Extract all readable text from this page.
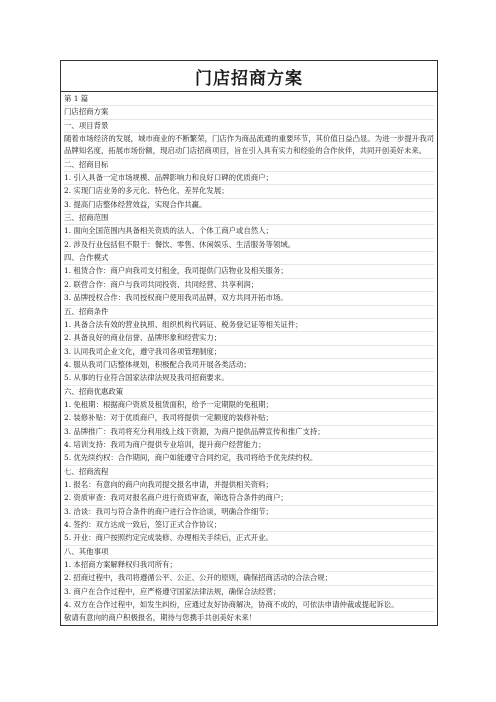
门店招商方案
第 1 篇
门店招商方案
一、项目背景
随着市场经济的发展，城市商业的不断繁荣，门店作为商品流通的重要环节，其价值日益凸显。为进一步提升我司品牌知名度，拓展市场份额，现启动门店招商项目，旨在引入具有实力和经验的合作伙伴，共同开创美好未来。
二、招商目标
1. 引入具备一定市场规模、品牌影响力和良好口碑的优质商户；
2. 实现门店业务的多元化、特色化、差异化发展；
3. 提高门店整体经营效益，实现合作共赢。
三、招商范围
1. 面向全国范围内具备相关资质的法人、个体工商户或自然人；
2. 涉及行业包括但不限于：餐饮、零售、休闲娱乐、生活服务等领域。
四、合作模式
1. 租赁合作：商户向我司支付租金，我司提供门店物业及相关服务；
2. 联营合作：商户与我司共同投资、共同经营、共享利润；
3. 品牌授权合作：我司授权商户使用我司品牌，双方共同开拓市场。
五、招商条件
1. 具备合法有效的营业执照、组织机构代码证、税务登记证等相关证件；
2. 具备良好的商业信誉、品牌形象和经营实力；
3. 认同我司企业文化，遵守我司各项管理制度；
4. 服从我司门店整体规划，积极配合我司开展各类活动；
5. 从事的行业符合国家法律法规及我司招商要求。
六、招商优惠政策
1. 免租期：根据商户资质及租赁面积，给予一定期限的免租期；
2. 装修补贴：对于优质商户，我司将提供一定额度的装修补贴；
3. 品牌推广：我司将充分利用线上线下资源，为商户提供品牌宣传和推广支持；
4. 培训支持：我司为商户提供专业培训，提升商户经营能力；
5. 优先续约权：合作期间，商户如能遵守合同约定，我司将给予优先续约权。
七、招商流程
1. 报名：有意向的商户向我司提交报名申请，并提供相关资料；
2. 资质审查：我司对报名商户进行资质审查，筛选符合条件的商户；
3. 洽谈：我司与符合条件的商户进行合作洽谈，明确合作细节；
4. 签约：双方达成一致后，签订正式合作协议；
5. 开业：商户按照约定完成装修、办理相关手续后，正式开业。
八、其他事项
1. 本招商方案解释权归我司所有；
2. 招商过程中，我司将遵循公平、公正、公开的原则，确保招商活动的合法合规；
3. 商户在合作过程中，应严格遵守国家法律法规，确保合法经营；
4. 双方在合作过程中，如发生纠纷，应通过友好协商解决，协商不成的，可依法申请仲裁或提起诉讼。
敬请有意向的商户积极报名，期待与您携手共创美好未来！
